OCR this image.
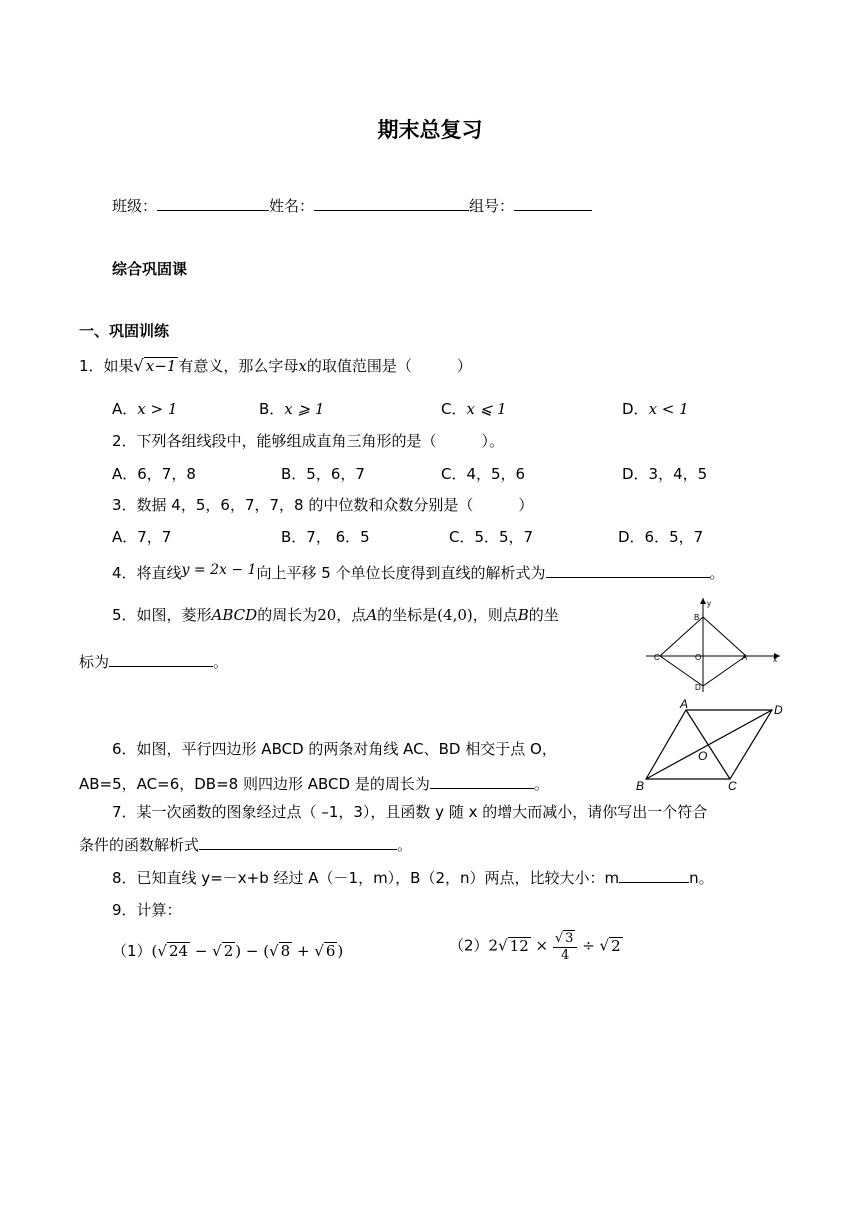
期末总复习
班级：	姓名：	组号：
综合巩固课
一、巩固训练
1．如果√ x−1 有意义，那么字母x的取值范围是（　　　）
A．x > 1	B．x ⩾ 1	C．x ⩽ 1	D．x < 1
2．下列各组线段中，能够组成直角三角形的是（　　　）。
A．6，7，8	B．5，6，7	C．4，5，6	D．3，4，5
3．数据 4，5，6，7，7，8 的中位数和众数分别是（　　　）
A．7，7	B．7， 6．5	C．5．5，7	D．6．5，7
4．将直线y = 2x − 1向上平移 5 个单位长度得到直线的解析式为	。
5．如图，菱形ABCD的周长为20，点A的坐标是(4,0)，则点B的坐
标为	。
y
x
B
C	O	A
D
A	D
O
B	C
6．如图，平行四边形 ABCD 的两条对角线 AC、BD 相交于点 O，
AB=5，AC=6，DB=8 则四边形 ABCD 是的周长为	。
7．某一次函数的图象经过点（ –1，3），且函数 y 随 x 的增大而减小，请你写出一个符合
条件的函数解析式	。
8．已知直线 y=－x+b 经过 A（－1，m），B（2，n）两点，比较大小：m	n。
9．计算：
（1）(√ 24 − √ 2 ) − (√ 8 + √ 6 )	（2）2√ $12 \times \frac{√ 3}{4}$ ÷ √ 2
